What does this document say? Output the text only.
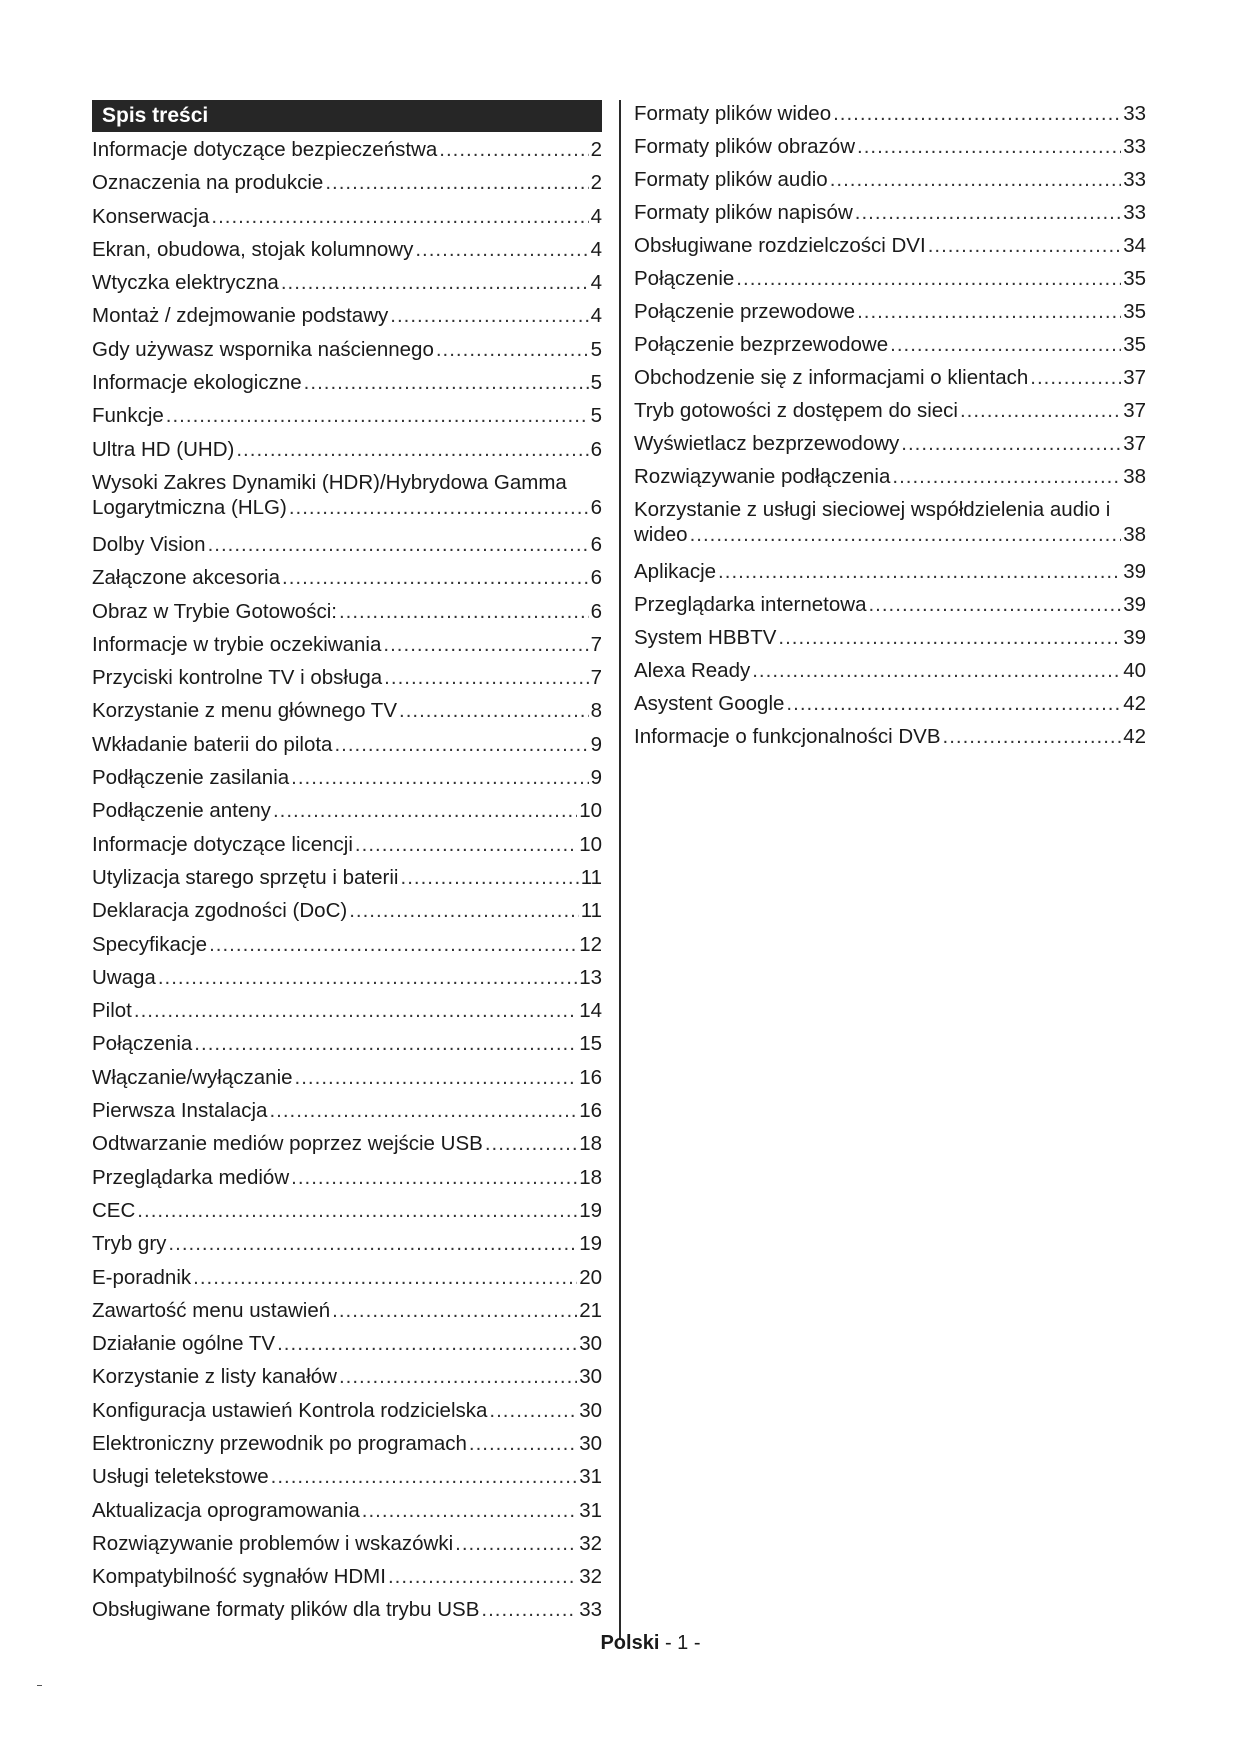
Spis treści
Informacje dotyczące bezpieczeństwa .....	2
Oznaczenia na produkcie .....	2
Konserwacja .....	4
Ekran, obudowa, stojak kolumnowy .....	4
Wtyczka elektryczna .....	4
Montaż / zdejmowanie podstawy .....	4
Gdy używasz wspornika naściennego .....	5
Informacje ekologiczne .....	5
Funkcje .....	5
Ultra HD (UHD) .....	6
Wysoki Zakres Dynamiki (HDR)/Hybrydowa Gamma
Logarytmiczna (HLG) .....	6
Dolby Vision .....	6
Załączone akcesoria .....	6
Obraz w Trybie Gotowości: .....	6
Informacje w trybie oczekiwania .....	7
Przyciski kontrolne TV i obsługa .....	7
Korzystanie z menu głównego TV .....	8
Wkładanie baterii do pilota .....	9
Podłączenie zasilania .....	9
Podłączenie anteny .....	10
Informacje dotyczące licencji .....	10
Utylizacja starego sprzętu i baterii .....	11
Deklaracja zgodności (DoC) .....	11
Specyfikacje .....	12
Uwaga .....	13
Pilot .....	14
Połączenia .....	15
Włączanie/wyłączanie .....	16
Pierwsza Instalacja .....	16
Odtwarzanie mediów poprzez wejście USB .....	18
Przeglądarka mediów .....	18
CEC .....	19
Tryb gry .....	19
E-poradnik .....	20
Zawartość menu ustawień .....	21
Działanie ogólne TV .....	30
Korzystanie z listy kanałów .....	30
Konfiguracja ustawień Kontrola rodzicielska .....	30
Elektroniczny przewodnik po programach .....	30
Usługi teletekstowe .....	31
Aktualizacja oprogramowania .....	31
Rozwiązywanie problemów i wskazówki .....	32
Kompatybilność sygnałów HDMI .....	32
Obsługiwane formaty plików dla trybu USB .....	33
Formaty plików wideo .....	33
Formaty plików obrazów .....	33
Formaty plików audio .....	33
Formaty plików napisów .....	33
Obsługiwane rozdzielczości DVI .....	34
Połączenie .....	35
Połączenie przewodowe .....	35
Połączenie bezprzewodowe .....	35
Obchodzenie się z informacjami o klientach .....	37
Tryb gotowości z dostępem do sieci .....	37
Wyświetlacz bezprzewodowy .....	37
Rozwiązywanie podłączenia .....	38
Korzystanie z usługi sieciowej współdzielenia audio i
wideo .....	38
Aplikacje .....	39
Przeglądarka internetowa .....	39
System HBBTV .....	39
Alexa Ready .....	40
Asystent Google .....	42
Informacje o funkcjonalności DVB .....	42
Polski - 1 -
